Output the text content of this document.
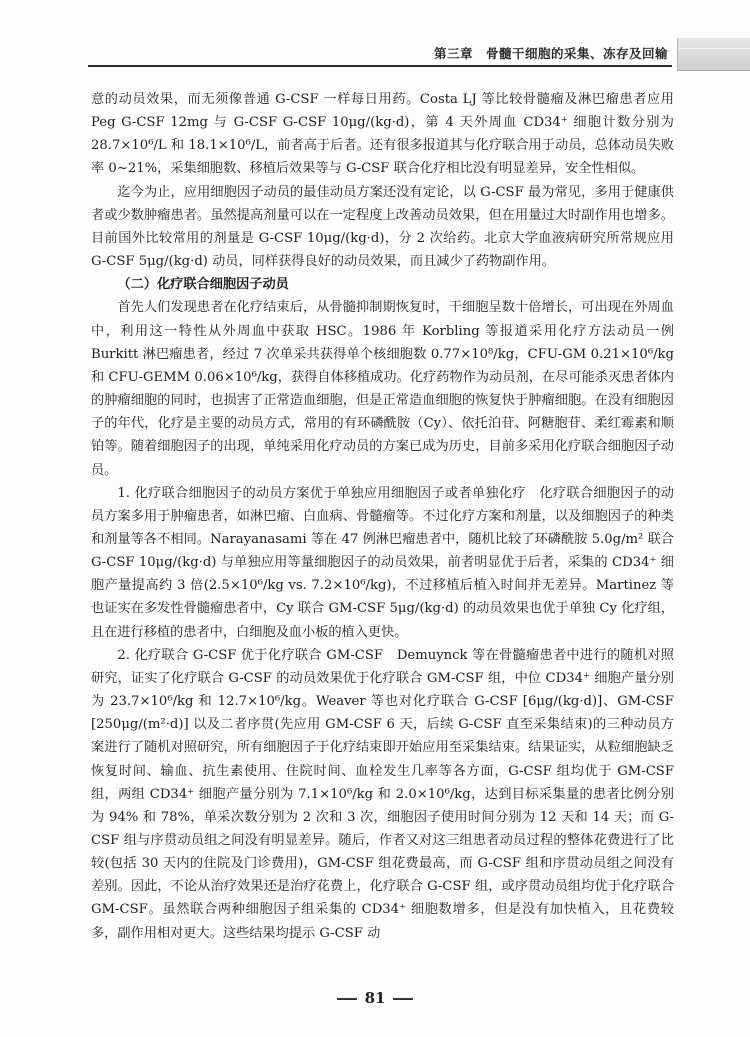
第三章　骨髓干细胞的采集、冻存及回输

意的动员效果，而无须像普通 G-CSF 一样每日用药。Costa LJ 等比较骨髓瘤及淋巴瘤患者应用 Peg G-CSF 12mg 与 G-CSF G-CSF 10μg/(kg·d)，第 4 天外周血 CD34⁺ 细胞计数分别为 28.7×10⁶/L 和 18.1×10⁶/L，前者高于后者。还有很多报道其与化疗联合用于动员，总体动员失败率 0~21%，采集细胞数、移植后效果等与 G-CSF 联合化疗相比没有明显差异，安全性相似。

迄今为止，应用细胞因子动员的最佳动员方案还没有定论，以 G-CSF 最为常见，多用于健康供者或少数肿瘤患者。虽然提高剂量可以在一定程度上改善动员效果，但在用量过大时副作用也增多。目前国外比较常用的剂量是 G-CSF 10μg/(kg·d)，分 2 次给药。北京大学血液病研究所常规应用 G-CSF 5μg/(kg·d) 动员，同样获得良好的动员效果，而且减少了药物副作用。

（二）化疗联合细胞因子动员

首先人们发现患者在化疗结束后，从骨髓抑制期恢复时，干细胞呈数十倍增长，可出现在外周血中，利用这一特性从外周血中获取 HSC。1986 年 Korbling 等报道采用化疗方法动员一例 Burkitt 淋巴瘤患者，经过 7 次单采共获得单个核细胞数 0.77×10⁸/kg，CFU-GM 0.21×10⁶/kg 和 CFU-GEMM 0.06×10⁶/kg，获得自体移植成功。化疗药物作为动员剂，在尽可能杀灭患者体内的肿瘤细胞的同时，也损害了正常造血细胞，但是正常造血细胞的恢复快于肿瘤细胞。在没有细胞因子的年代，化疗是主要的动员方式，常用的有环磷酰胺（Cy）、依托泊苷、阿糖胞苷、柔红霉素和顺铂等。随着细胞因子的出现，单纯采用化疗动员的方案已成为历史，目前多采用化疗联合细胞因子动员。

1. 化疗联合细胞因子的动员方案优于单独应用细胞因子或者单独化疗　化疗联合细胞因子的动员方案多用于肿瘤患者，如淋巴瘤、白血病、骨髓瘤等。不过化疗方案和剂量，以及细胞因子的种类和剂量等各不相同。Narayanasami 等在 47 例淋巴瘤患者中，随机比较了环磷酰胺 5.0g/m² 联合 G-CSF 10μg/(kg·d) 与单独应用等量细胞因子的动员效果，前者明显优于后者，采集的 CD34⁺ 细胞产量提高约 3 倍(2.5×10⁶/kg vs. 7.2×10⁶/kg)，不过移植后植入时间并无差异。Martinez 等也证实在多发性骨髓瘤患者中，Cy 联合 GM-CSF 5μg/(kg·d) 的动员效果也优于单独 Cy 化疗组，且在进行移植的患者中，白细胞及血小板的植入更快。

2. 化疗联合 G-CSF 优于化疗联合 GM-CSF　Demuynck 等在骨髓瘤患者中进行的随机对照研究，证实了化疗联合 G-CSF 的动员效果优于化疗联合 GM-CSF 组，中位 CD34⁺ 细胞产量分别为 23.7×10⁶/kg 和 12.7×10⁶/kg。Weaver 等也对化疗联合 G-CSF [6μg/(kg·d)]、GM-CSF [250μg/(m²·d)] 以及二者序贯(先应用 GM-CSF 6 天，后续 G-CSF 直至采集结束)的三种动员方案进行了随机对照研究，所有细胞因子于化疗结束即开始应用至采集结束。结果证实，从粒细胞缺乏恢复时间、输血、抗生素使用、住院时间、血栓发生几率等各方面，G-CSF 组均优于 GM-CSF 组，两组 CD34⁺ 细胞产量分别为 7.1×10⁶/kg 和 2.0×10⁶/kg，达到目标采集量的患者比例分别为 94% 和 78%，单采次数分别为 2 次和 3 次，细胞因子使用时间分别为 12 天和 14 天；而 G-CSF 组与序贯动员组之间没有明显差异。随后，作者又对这三组患者动员过程的整体花费进行了比较(包括 30 天内的住院及门诊费用)，GM-CSF 组花费最高，而 G-CSF 组和序贯动员组之间没有差别。因此，不论从治疗效果还是治疗花费上，化疗联合 G-CSF 组，或序贯动员组均优于化疗联合 GM-CSF。虽然联合两种细胞因子组采集的 CD34⁺ 细胞数增多，但是没有加快植入，且花费较多，副作用相对更大。这些结果均提示 G-CSF 动

81
